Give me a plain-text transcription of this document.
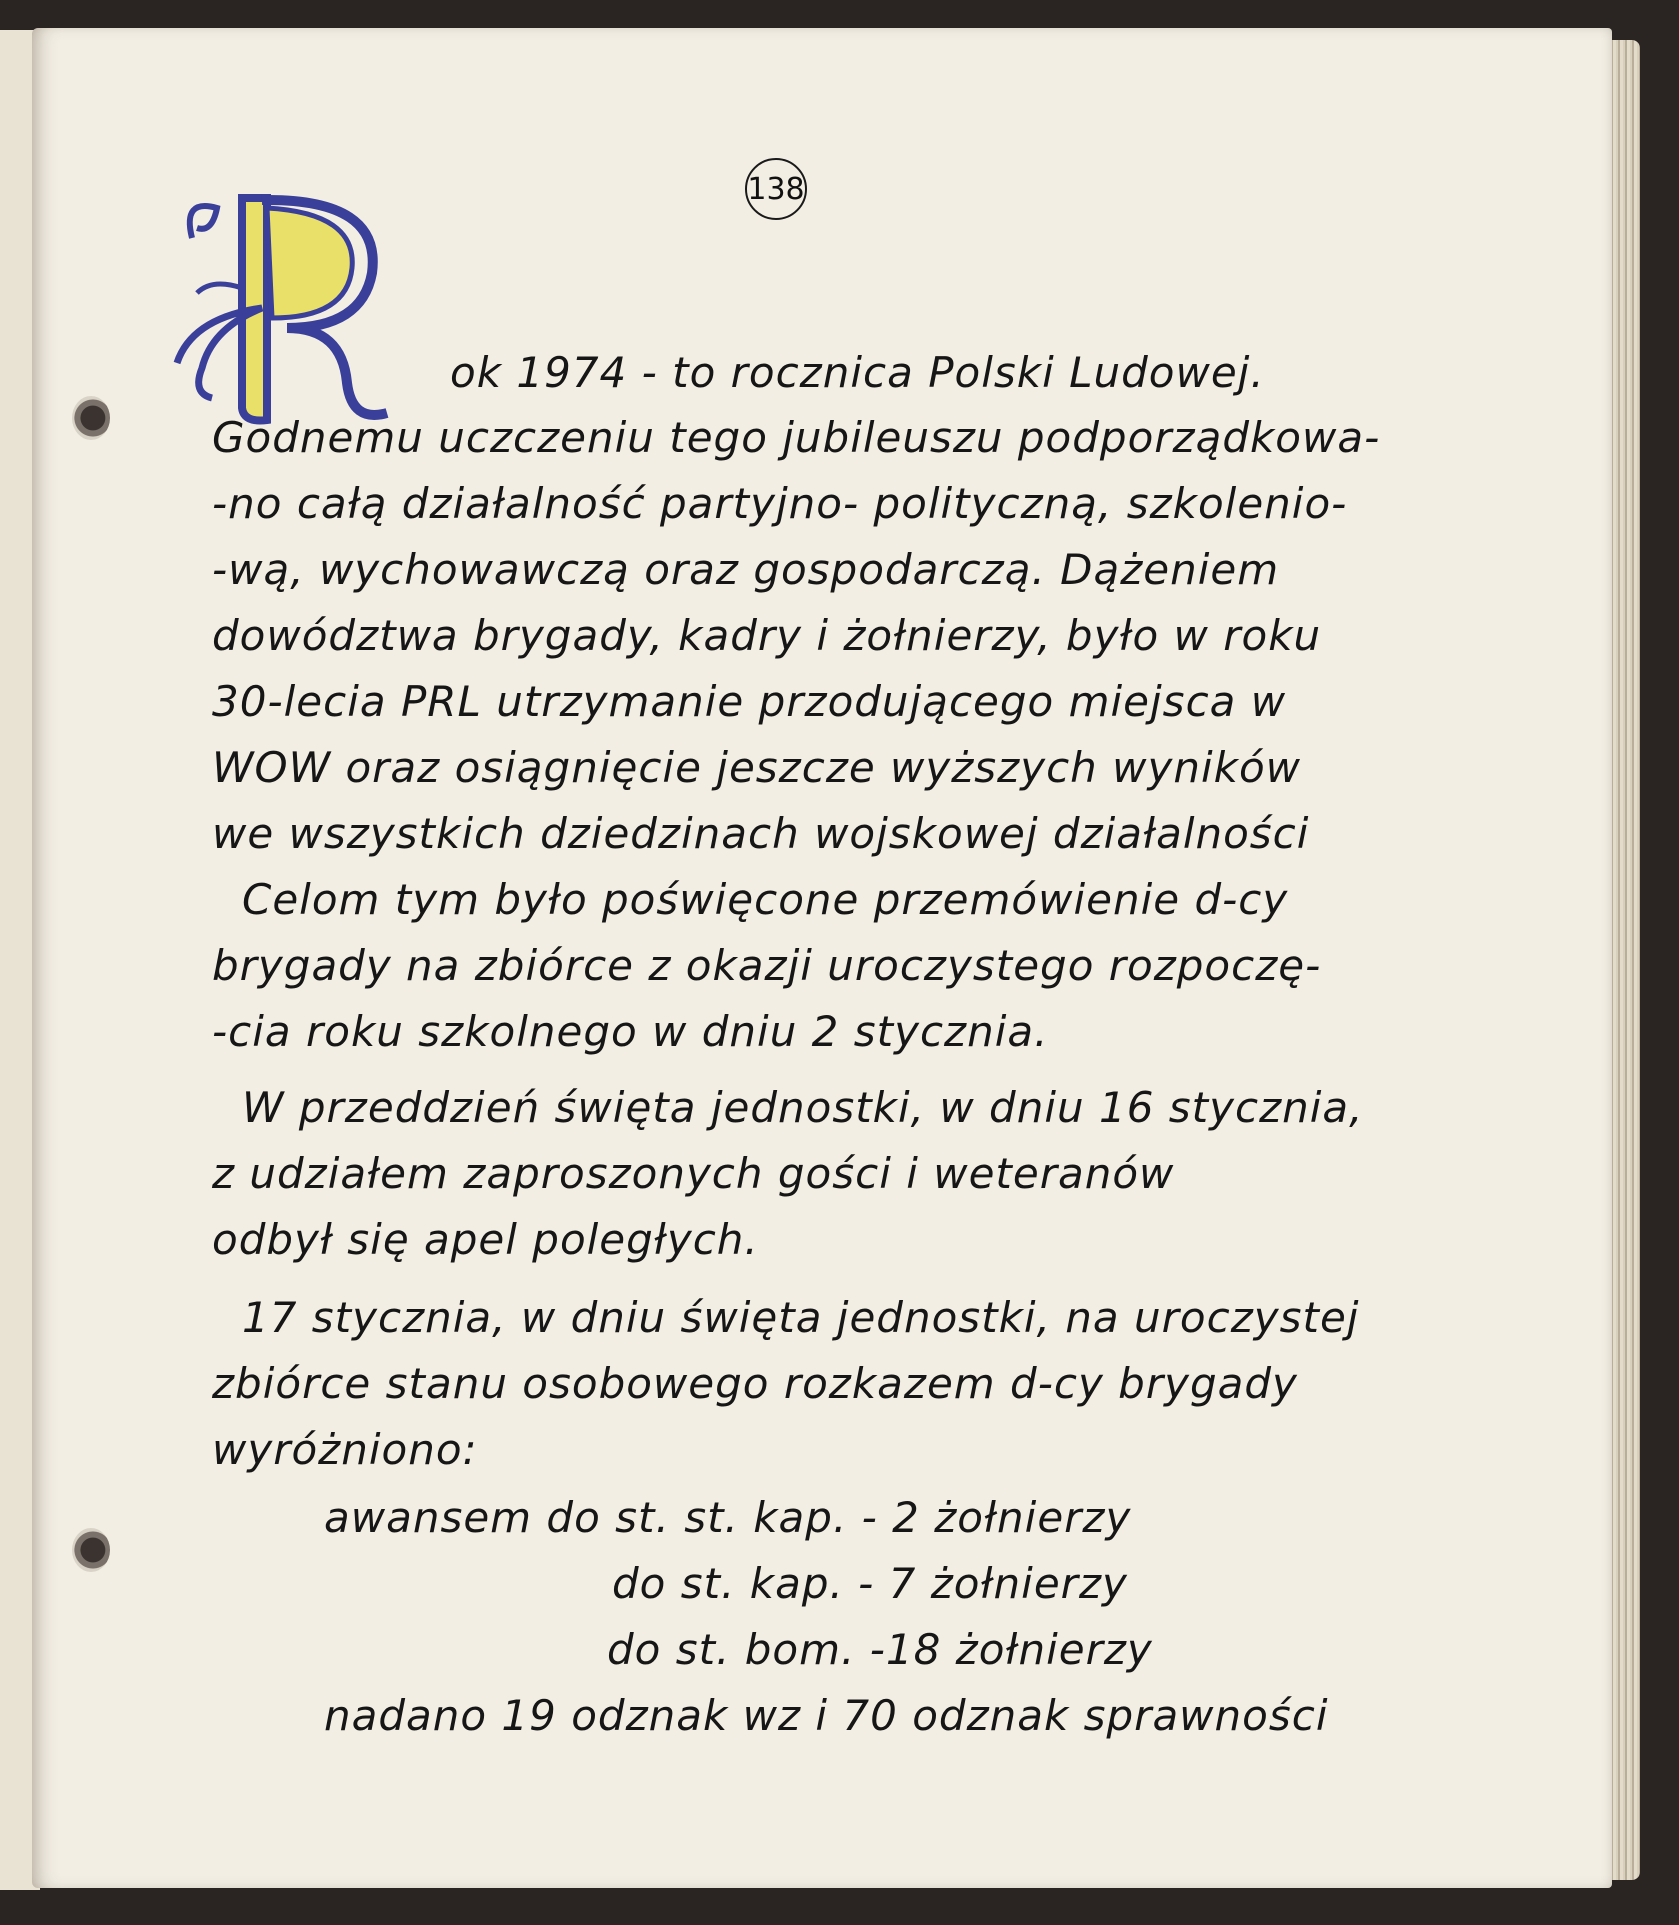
138
ok 1974 - to rocznica Polski Ludowej.
Godnemu uczczeniu tego jubileuszu podporządkowa-
-no całą działalność partyjno- polityczną, szkolenio-
-wą, wychowawczą oraz gospodarczą. Dążeniem
dowództwa brygady, kadry i żołnierzy, było w roku
30-lecia PRL utrzymanie przodującego miejsca w
WOW oraz osiągnięcie jeszcze wyższych wyników
we wszystkich dziedzinach wojskowej działalności
Celom tym było poświęcone przemówienie d-cy
brygady na zbiórce z okazji uroczystego rozpoczę-
-cia roku szkolnego w dniu 2 stycznia.
W przeddzień święta jednostki, w dniu 16 stycznia,
z udziałem zaproszonych gości i weteranów
odbył się apel poległych.
17 stycznia, w dniu święta jednostki, na uroczystej
zbiórce stanu osobowego rozkazem d-cy brygady
wyróżniono:
awansem do st. st. kap. - 2 żołnierzy
do st. kap. - 7 żołnierzy
do st. bom. -18 żołnierzy
nadano 19 odznak wz i 70 odznak sprawności
